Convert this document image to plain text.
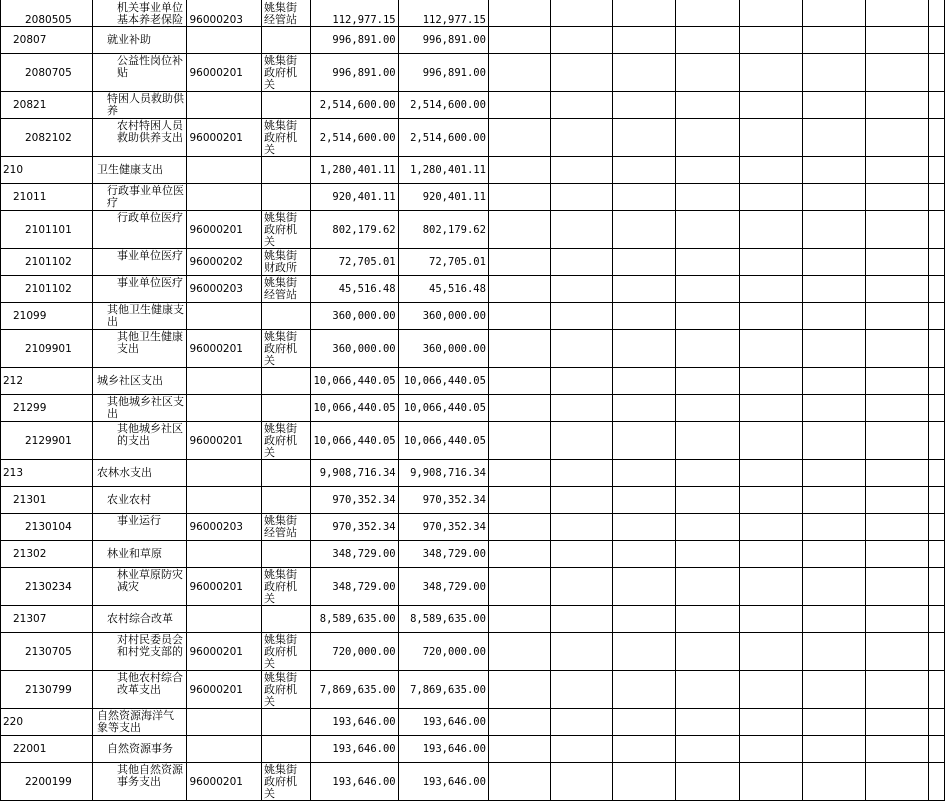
2080505	机关事业单位基本养老保险	96000203	姚集街经管站	112,977.15	112,977.15								
20807	就业补助			996,891.00	996,891.00								
2080705	公益性岗位补贴	96000201	姚集街政府机关	996,891.00	996,891.00								
20821	特困人员救助供养			2,514,600.00	2,514,600.00								
2082102	农村特困人员救助供养支出	96000201	姚集街政府机关	2,514,600.00	2,514,600.00								
210	卫生健康支出			1,280,401.11	1,280,401.11								
21011	行政事业单位医疗			920,401.11	920,401.11								
2101101	行政单位医疗	96000201	姚集街政府机关	802,179.62	802,179.62								
2101102	事业单位医疗	96000202	姚集街财政所	72,705.01	72,705.01								
2101102	事业单位医疗	96000203	姚集街经管站	45,516.48	45,516.48								
21099	其他卫生健康支出			360,000.00	360,000.00								
2109901	其他卫生健康支出	96000201	姚集街政府机关	360,000.00	360,000.00								
212	城乡社区支出			10,066,440.05	10,066,440.05								
21299	其他城乡社区支出			10,066,440.05	10,066,440.05								
2129901	其他城乡社区的支出	96000201	姚集街政府机关	10,066,440.05	10,066,440.05								
213	农林水支出			9,908,716.34	9,908,716.34								
21301	农业农村			970,352.34	970,352.34								
2130104	事业运行	96000203	姚集街经管站	970,352.34	970,352.34								
21302	林业和草原			348,729.00	348,729.00								
2130234	林业草原防灾减灾	96000201	姚集街政府机关	348,729.00	348,729.00								
21307	农村综合改革			8,589,635.00	8,589,635.00								
2130705	对村民委员会和村党支部的	96000201	姚集街政府机关	720,000.00	720,000.00								
2130799	其他农村综合改革支出	96000201	姚集街政府机关	7,869,635.00	7,869,635.00								
220	自然资源海洋气象等支出			193,646.00	193,646.00								
22001	自然资源事务			193,646.00	193,646.00								
2200199	其他自然资源事务支出	96000201	姚集街政府机关	193,646.00	193,646.00								
